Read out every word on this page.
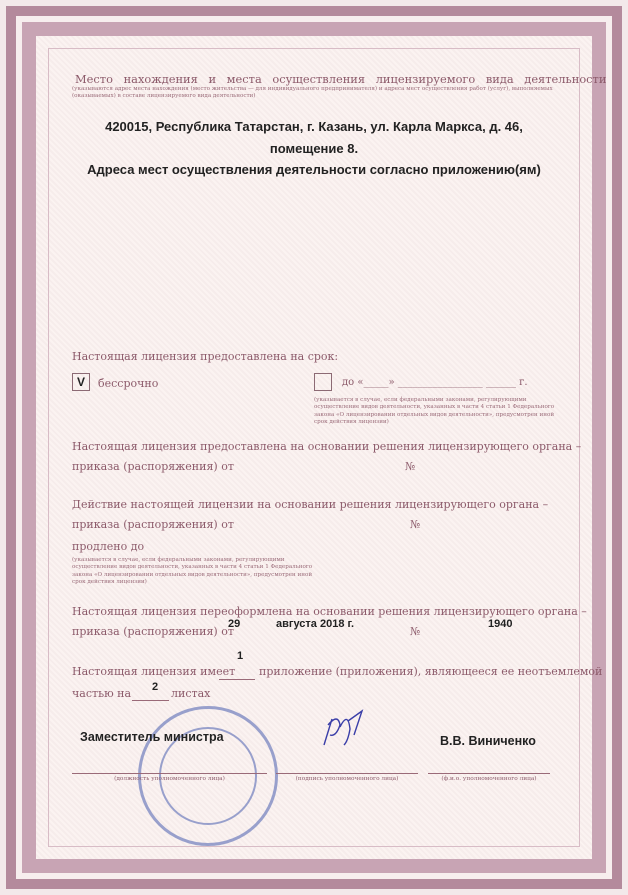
Место нахождения и места осуществления лицензируемого вида деятельности
(указываются адрес места нахождения (место жительства — для индивидуального предпринимателя) и адреса мест осуществления работ (услуг), выполняемых (оказываемых) в составе лицензируемого вида деятельности)
420015, Республика Татарстан, г. Казань, ул. Карла Маркса, д. 46,
помещение 8.
Адреса мест осуществления деятельности согласно приложению(ям)
Настоящая лицензия предоставлена на срок:
V	бессрочно	до «_____» _________________ ______ г.
(указывается в случае, если федеральными законами, регулирующими осуществление видов деятельности, указанных в части 4 статьи 1 Федерального закона «О лицензировании отдельных видов деятельности», предусмотрен иной срок действия лицензии)
Настоящая лицензия предоставлена на основании решения лицензирующего органа –
приказа (распоряжения) от	№
Действие настоящей лицензии на основании решения лицензирующего органа –
приказа (распоряжения) от	№
продлено до
(указывается в случае, если федеральными законами, регулирующими осуществление видов деятельности, указанных в части 4 статьи 1 Федерального закона «О лицензировании отдельных видов деятельности», предусмотрен иной срок действия лицензии)
Настоящая лицензия переоформлена на основании решения лицензирующего органа –
приказа (распоряжения) от
29	августа 2018 г.
№
1940
Настоящая лицензия имеет
1
приложение (приложения), являющееся ее неотъемлемой
частью на 2 листах
Заместитель министра	В.В. Виниченко
(должность уполномоченного лица)	(подпись уполномоченного лица)	(ф.и.о. уполномоченного лица)
